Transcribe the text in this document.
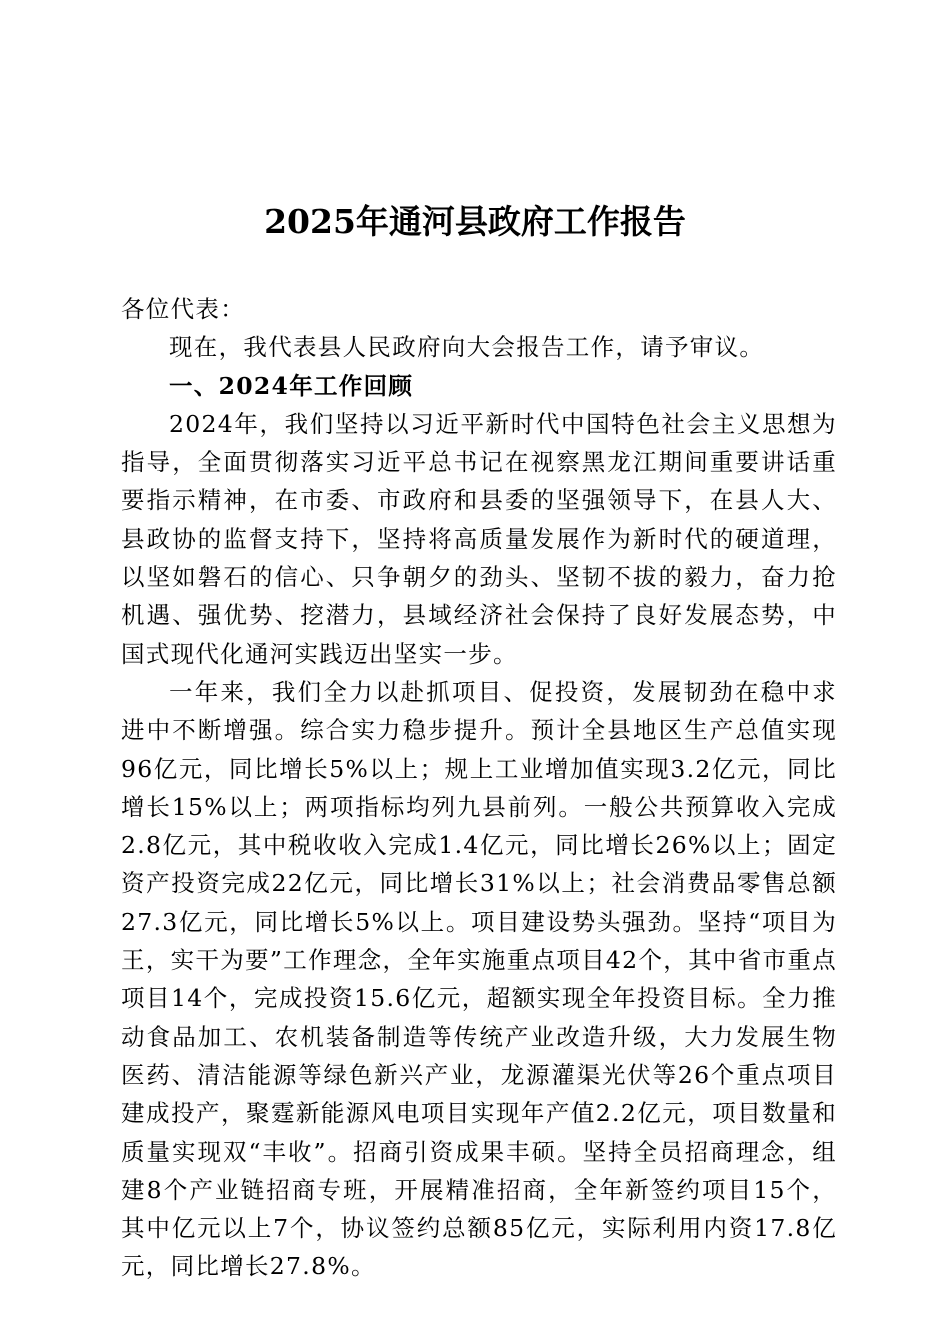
2025年通河县政府工作报告

各位代表：

现在，我代表县人民政府向大会报告工作，请予审议。

一、2024年工作回顾

2024年，我们坚持以习近平新时代中国特色社会主义思想为指导，全面贯彻落实习近平总书记在视察黑龙江期间重要讲话重要指示精神，在市委、市政府和县委的坚强领导下，在县人大、县政协的监督支持下，坚持将高质量发展作为新时代的硬道理，以坚如磐石的信心、只争朝夕的劲头、坚韧不拔的毅力，奋力抢机遇、强优势、挖潜力，县域经济社会保持了良好发展态势，中国式现代化通河实践迈出坚实一步。

一年来，我们全力以赴抓项目、促投资，发展韧劲在稳中求进中不断增强。综合实力稳步提升。预计全县地区生产总值实现96亿元，同比增长5%以上；规上工业增加值实现3.2亿元，同比增长15%以上；两项指标均列九县前列。一般公共预算收入完成2.8亿元，其中税收收入完成1.4亿元，同比增长26%以上；固定资产投资完成22亿元，同比增长31%以上；社会消费品零售总额27.3亿元，同比增长5%以上。项目建设势头强劲。坚持“项目为王，实干为要”工作理念，全年实施重点项目42个，其中省市重点项目14个，完成投资15.6亿元，超额实现全年投资目标。全力推动食品加工、农机装备制造等传统产业改造升级，大力发展生物医药、清洁能源等绿色新兴产业，龙源灌渠光伏等26个重点项目建成投产，聚霆新能源风电项目实现年产值2.2亿元，项目数量和质量实现双“丰收”。招商引资成果丰硕。坚持全员招商理念，组建8个产业链招商专班，开展精准招商，全年新签约项目15个，其中亿元以上7个，协议签约总额85亿元，实际利用内资17.8亿元，同比增长27.8%。
